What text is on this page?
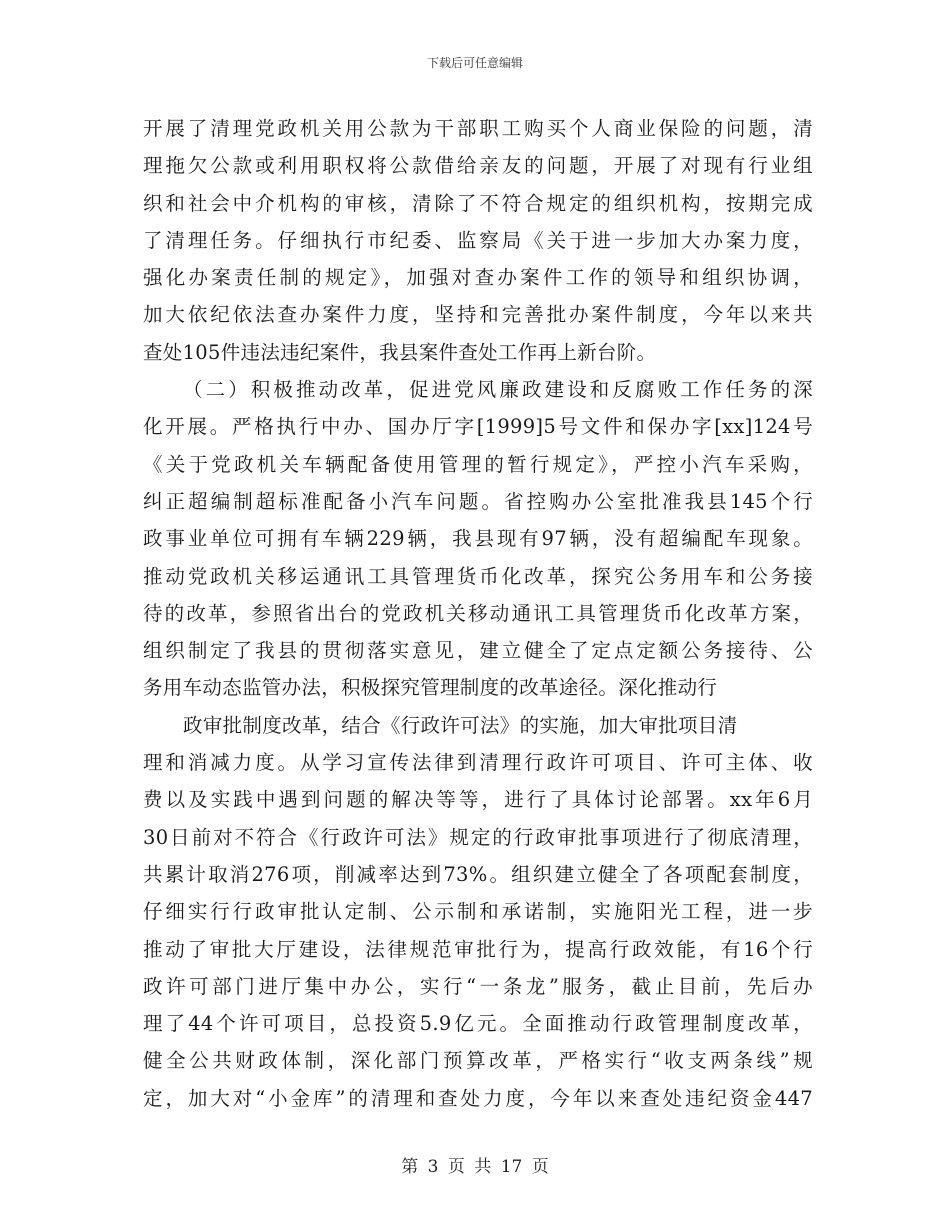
下载后可任意编辑
开展了清理党政机关用公款为干部职工购买个人商业保险的问题，清
理拖欠公款或利用职权将公款借给亲友的问题，开展了对现有行业组
织和社会中介机构的审核，清除了不符合规定的组织机构，按期完成
了清理任务。仔细执行市纪委、监察局《关于进一步加大办案力度，
强化办案责任制的规定》，加强对查办案件工作的领导和组织协调，
加大依纪依法查办案件力度，坚持和完善批办案件制度，今年以来共
查处105件违法违纪案件，我县案件查处工作再上新台阶。
（二）积极推动改革，促进党风廉政建设和反腐败工作任务的深
化开展。严格执行中办、国办厅字[1999]5号文件和保办字[xx]124号
《关于党政机关车辆配备使用管理的暂行规定》，严控小汽车采购，
纠正超编制超标准配备小汽车问题。省控购办公室批准我县145个行
政事业单位可拥有车辆229辆，我县现有97辆，没有超编配车现象。
推动党政机关移运通讯工具管理货币化改革，探究公务用车和公务接
待的改革，参照省出台的党政机关移动通讯工具管理货币化改革方案，
组织制定了我县的贯彻落实意见，建立健全了定点定额公务接待、公
务用车动态监管办法，积极探究管理制度的改革途径。深化推动行
政审批制度改革，结合《行政许可法》的实施，加大审批项目清
理和消减力度。从学习宣传法律到清理行政许可项目、许可主体、收
费以及实践中遇到问题的解决等等，进行了具体讨论部署。xx年6月
30日前对不符合《行政许可法》规定的行政审批事项进行了彻底清理，
共累计取消276项，削减率达到73%。组织建立健全了各项配套制度，
仔细实行行政审批认定制、公示制和承诺制，实施阳光工程，进一步
推动了审批大厅建设，法律规范审批行为，提高行政效能，有16个行
政许可部门进厅集中办公，实行“一条龙”服务，截止目前，先后办
理了44个许可项目，总投资5.9亿元。全面推动行政管理制度改革，
健全公共财政体制，深化部门预算改革，严格实行“收支两条线”规
定，加大对“小金库”的清理和查处力度，今年以来查处违纪资金447
第 3 页 共 17 页
